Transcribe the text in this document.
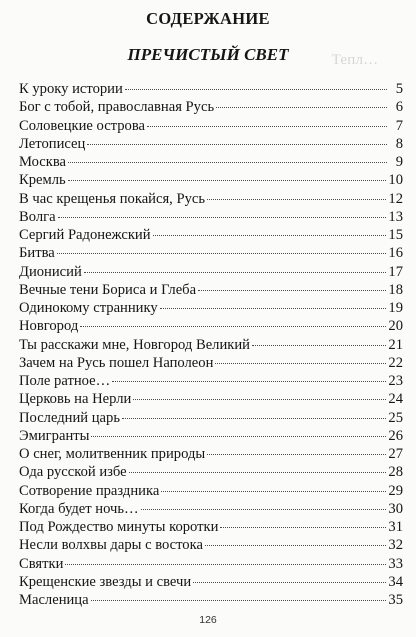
Тепл…
СОДЕРЖАНИЕ
ПРЕЧИСТЫЙ СВЕТ
К уроку истории	5
Бог с тобой, православная Русь	6
Соловецкие острова	7
Летописец	8
Москва	9
Кремль	10
В час крещенья покайся, Русь	12
Волга	13
Сергий Радонежский	15
Битва	16
Дионисий	17
Вечные тени Бориса и Глеба	18
Одинокому страннику	19
Новгород	20
Ты расскажи мне, Новгород Великий	21
Зачем на Русь пошел Наполеон	22
Поле ратное…	23
Церковь на Нерли	24
Последний царь	25
Эмигранты	26
О снег, молитвенник природы	27
Ода русской избе	28
Сотворение праздника	29
Когда будет ночь…	30
Под Рождество минуты коротки	31
Несли волхвы дары с востока	32
Святки	33
Крещенские звезды и свечи	34
Масленица	35
126
